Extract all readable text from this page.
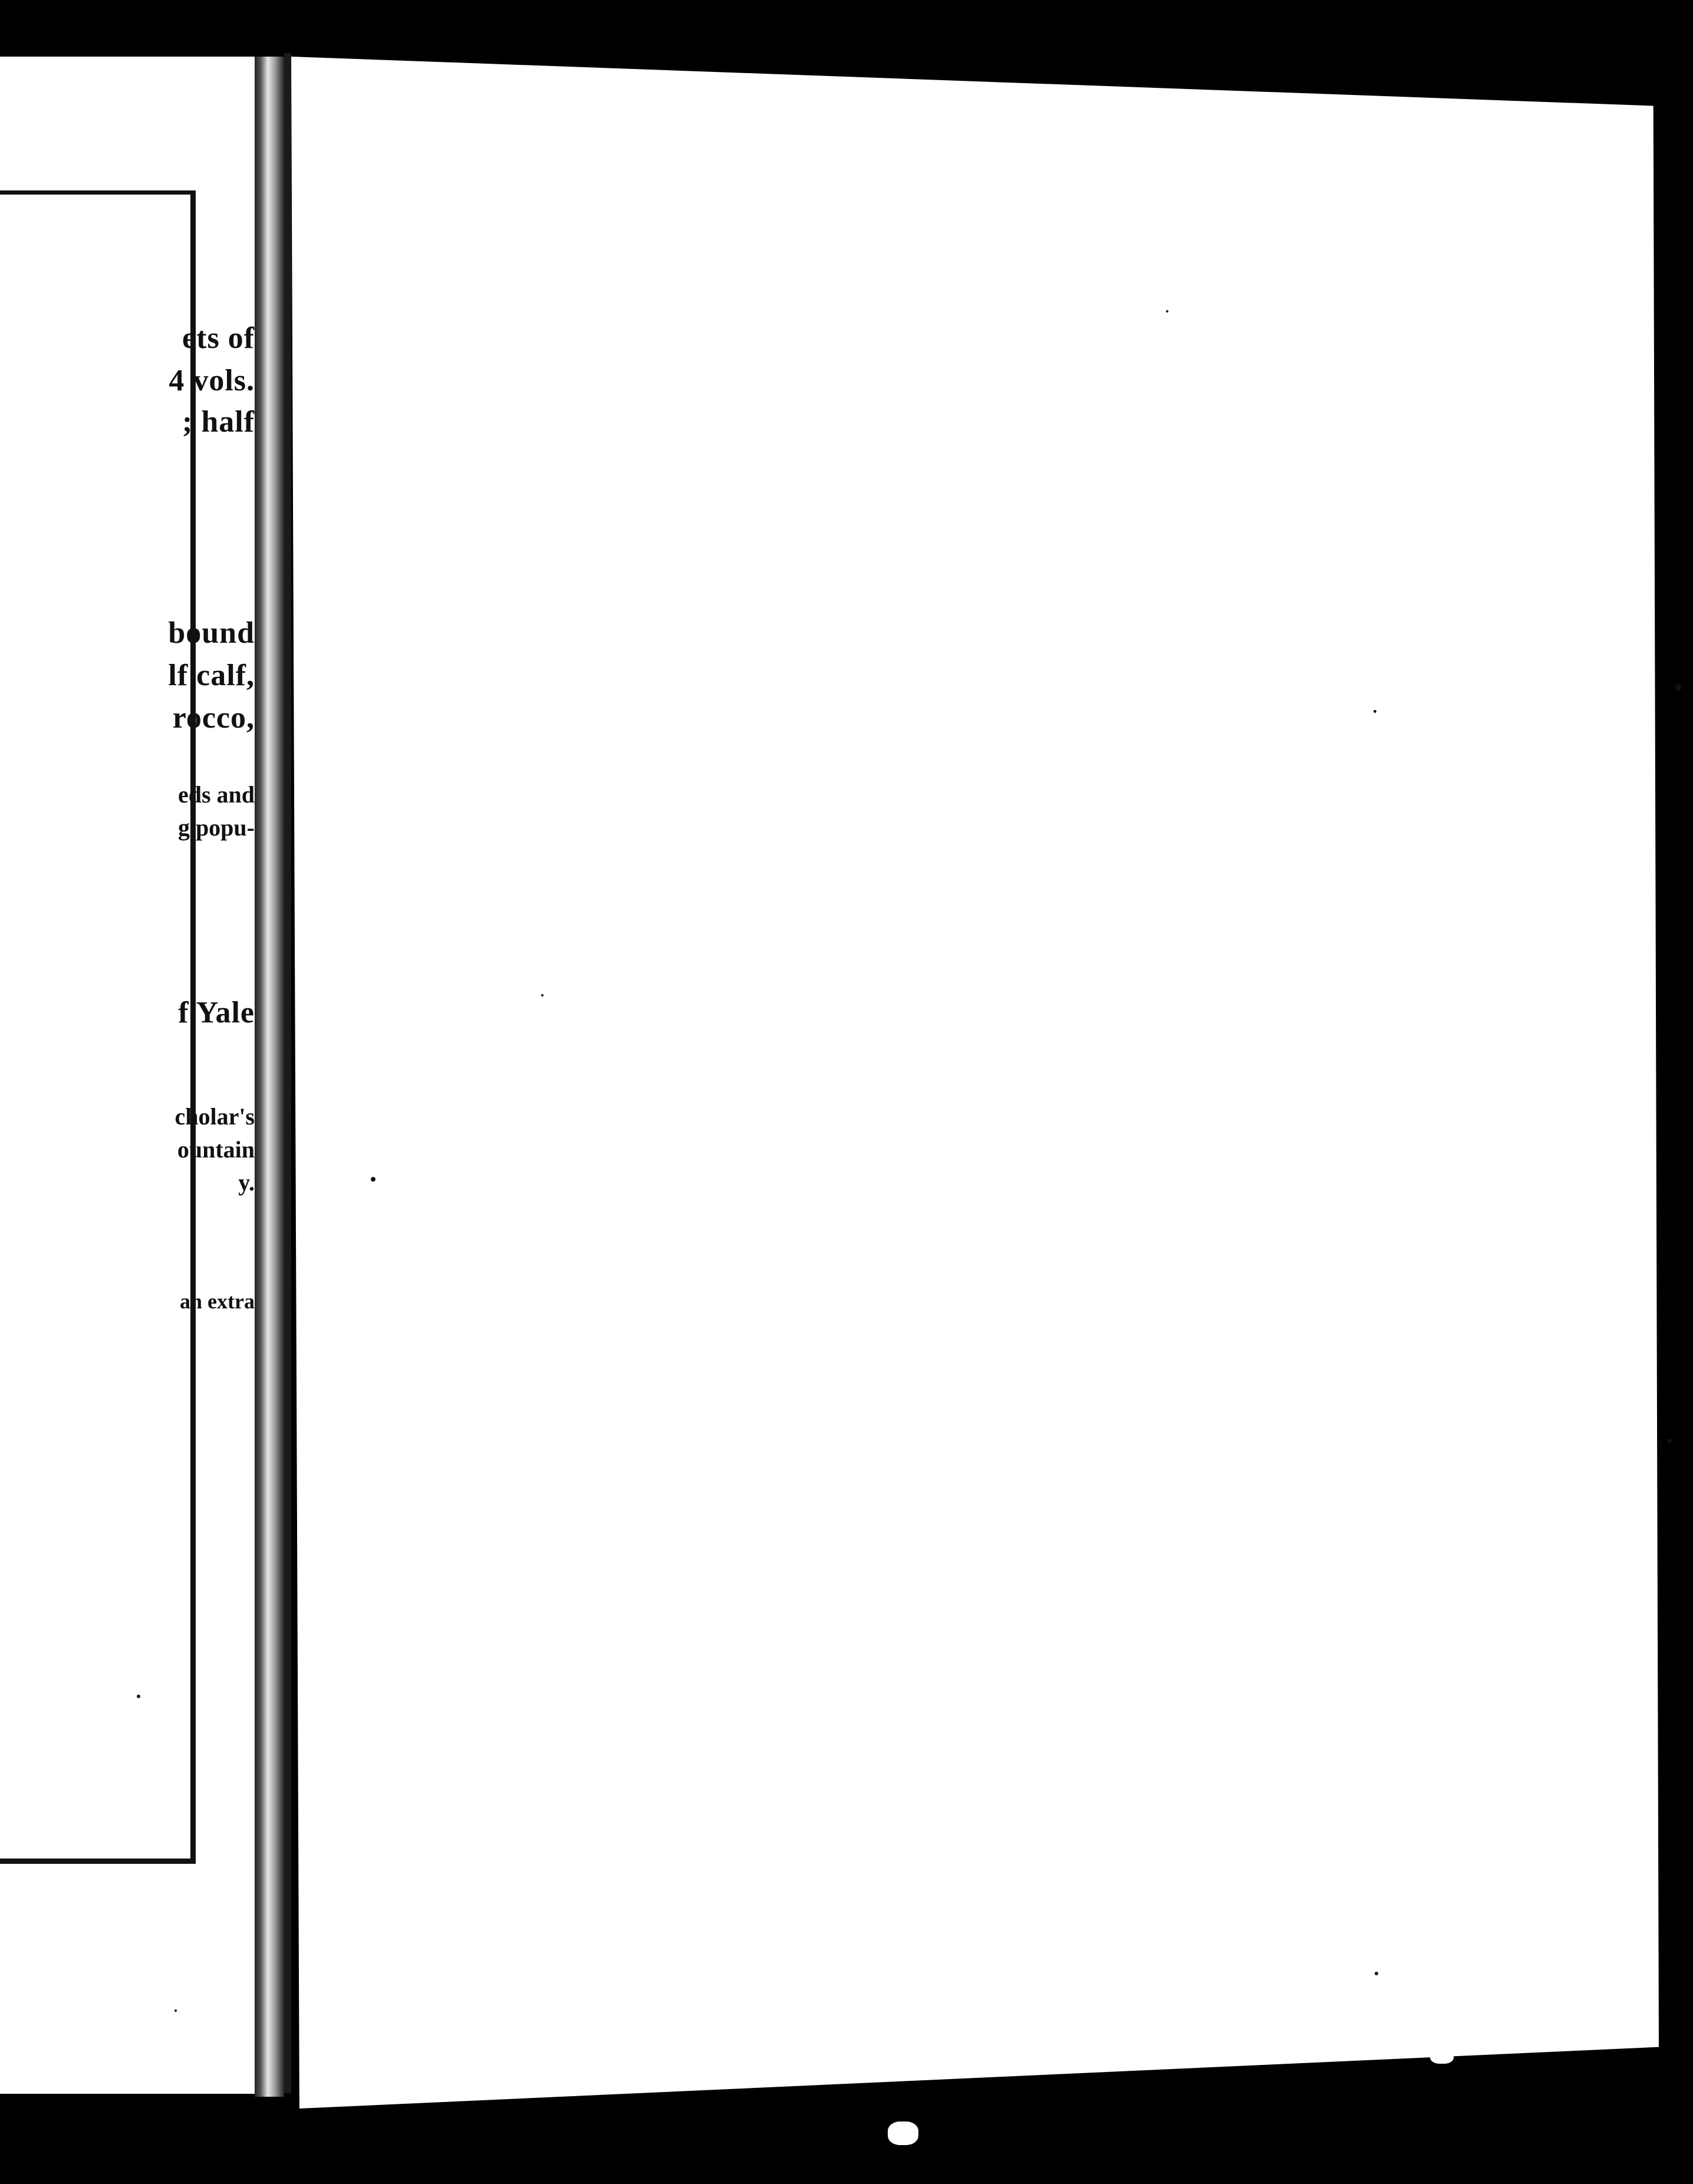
ets of
4 vols.
; half
bound
lf calf,
rocco,
eds and
g popu-
f Yale
cholar's
ountain
y.
an extra
